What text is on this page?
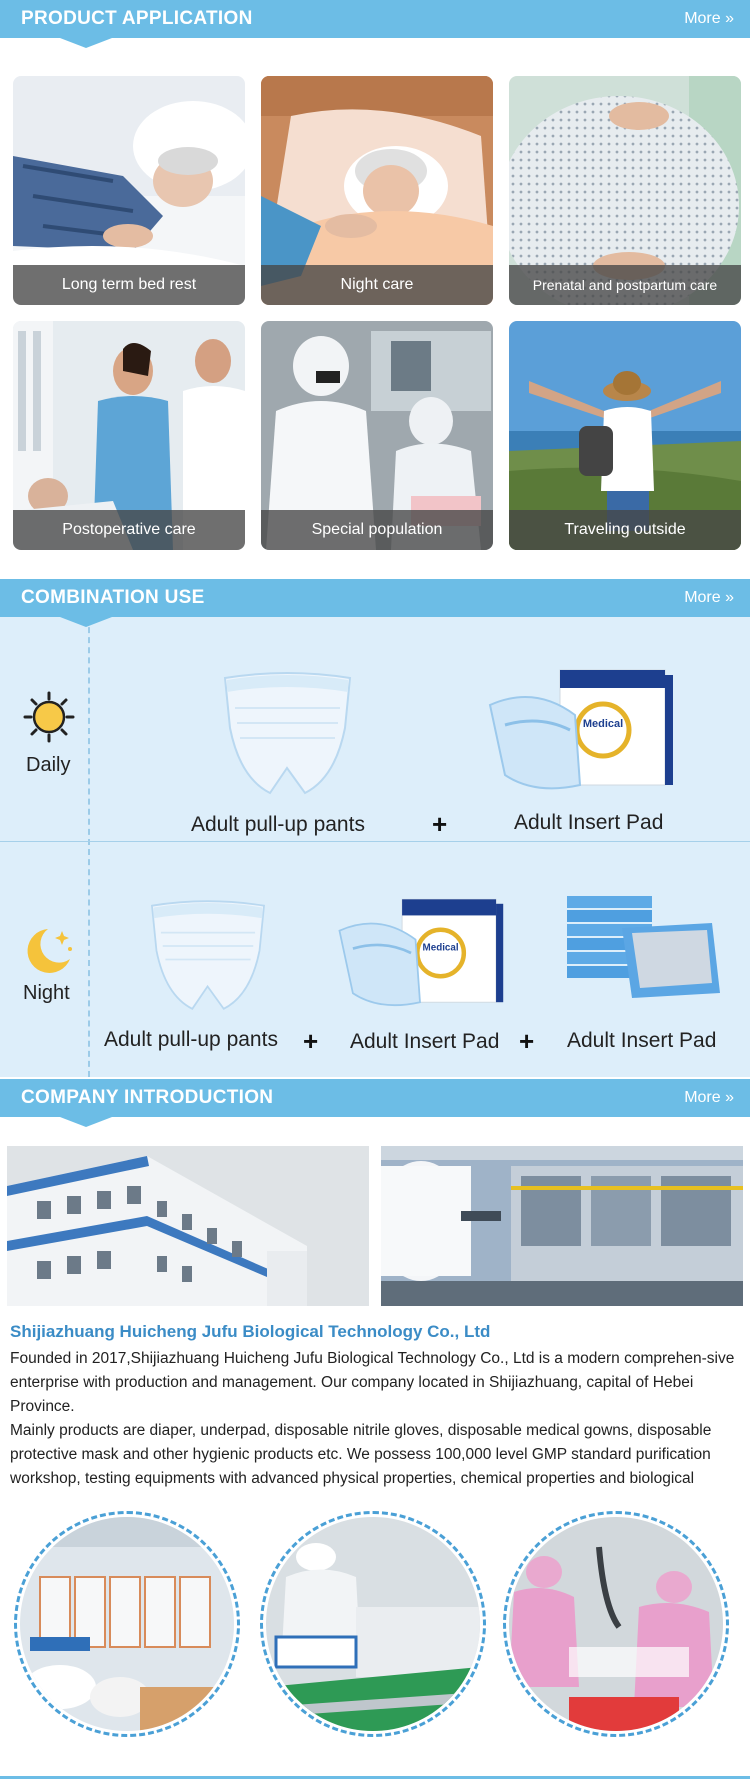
PRODUCT APPLICATION	More »
Long term bed rest	Night care	Prenatal and postpartum care
Postoperative care	Special population	Traveling outside
COMBINATION USE	More »
Daily
Medical
Adult pull-up pants	+	Adult Insert Pad
Night
Medical
Adult pull-up pants + Adult Insert Pad + Adult Insert Pad
COMPANY INTRODUCTION	More »
Shijiazhuang Huicheng Jufu Biological Technology Co., Ltd

Founded in 2017,Shijiazhuang Huicheng Jufu Biological Technology Co., Ltd is a modern comprehen-sive enterprise with production and management. Our company located in Shijiazhuang, capital of Hebei Province.

Mainly products are diaper, underpad, disposable nitrile gloves, disposable medical gowns, disposable protective mask and other hygienic products etc. We possess 100,000 level GMP standard purification workshop, testing equipments with advanced physical properties, chemical properties and biological
